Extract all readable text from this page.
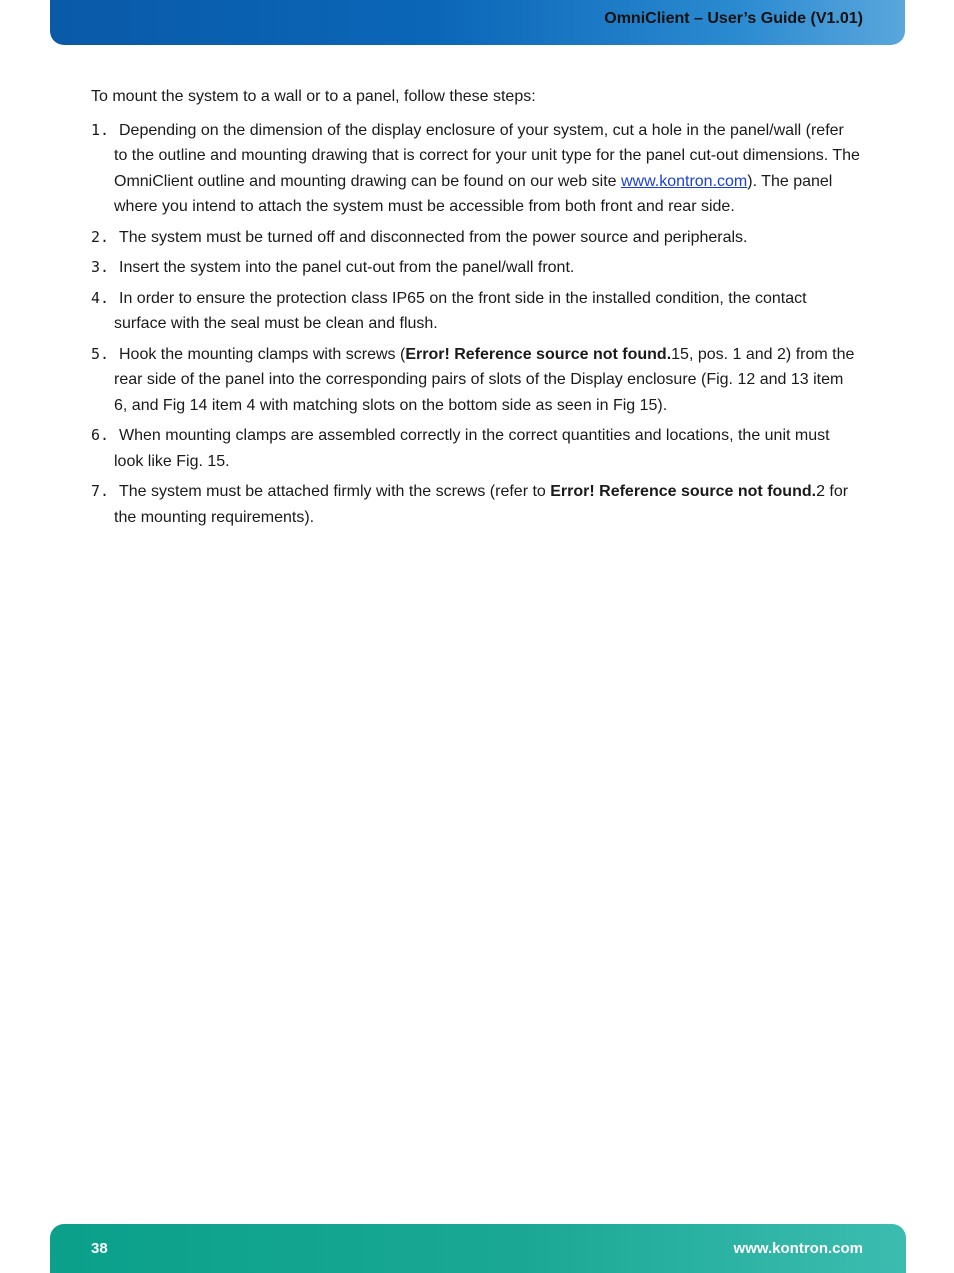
OmniClient – User’s Guide (V1.01)

To mount the system to a wall or to a panel, follow these steps:

1. Depending on the dimension of the display enclosure of your system, cut a hole in the panel/wall (refer to the outline and mounting drawing that is correct for your unit type for the panel cut-out dimensions. The OmniClient outline and mounting drawing can be found on our web site www.kontron.com). The panel where you intend to attach the system must be accessible from both front and rear side.
2. The system must be turned off and disconnected from the power source and peripherals.
3. Insert the system into the panel cut-out from the panel/wall front.
4. In order to ensure the protection class IP65 on the front side in the installed condition, the contact surface with the seal must be clean and flush.
5. Hook the mounting clamps with screws (Error! Reference source not found.15, pos. 1 and 2) from the rear side of the panel into the corresponding pairs of slots of the Display enclosure (Fig. 12 and 13 item 6, and Fig 14 item 4 with matching slots on the bottom side as seen in Fig 15).
6. When mounting clamps are assembled correctly in the correct quantities and locations, the unit must look like Fig. 15.
7. The system must be attached firmly with the screws (refer to Error! Reference source not found.2 for the mounting requirements).
38	www.kontron.com
